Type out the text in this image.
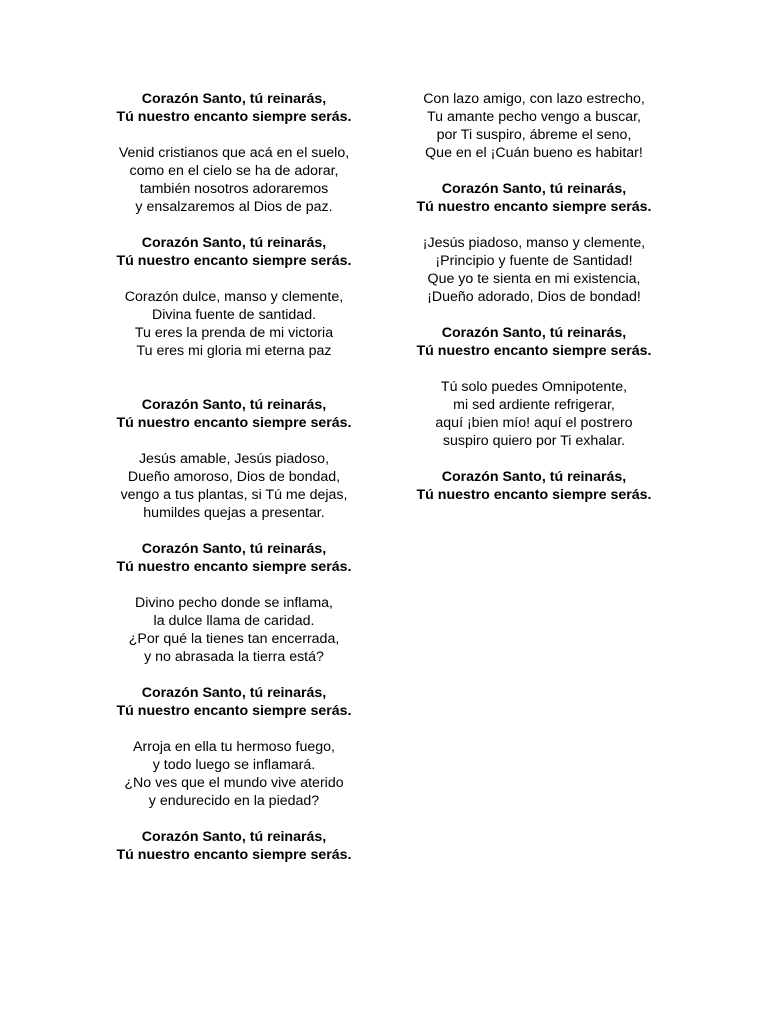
Corazón Santo, tú reinarás,
Tú nuestro encanto siempre serás.
Venid cristianos que acá en el suelo,
como en el cielo se ha de adorar,
también nosotros adoraremos
y ensalzaremos al Dios de paz.
Corazón Santo, tú reinarás,
Tú nuestro encanto siempre serás.
Corazón dulce, manso y clemente,
Divina fuente de santidad.
Tu eres la prenda de mi victoria
Tu eres mi gloria mi eterna paz
Corazón Santo, tú reinarás,
Tú nuestro encanto siempre serás.
Jesús amable, Jesús piadoso,
Dueño amoroso, Dios de bondad,
vengo a tus plantas, si Tú me dejas,
humildes quejas a presentar.
Corazón Santo, tú reinarás,
Tú nuestro encanto siempre serás.
Divino pecho donde se inflama,
la dulce llama de caridad.
¿Por qué la tienes tan encerrada,
y no abrasada la tierra está?
Corazón Santo, tú reinarás,
Tú nuestro encanto siempre serás.
Arroja en ella tu hermoso fuego,
y todo luego se inflamará.
¿No ves que el mundo vive aterido
y endurecido en la piedad?
Corazón Santo, tú reinarás,
Tú nuestro encanto siempre serás.
Con lazo amigo, con lazo estrecho,
Tu amante pecho vengo a buscar,
por Ti suspiro, ábreme el seno,
Que en el ¡Cuán bueno es habitar!
Corazón Santo, tú reinarás,
Tú nuestro encanto siempre serás.
¡Jesús piadoso, manso y clemente,
¡Principio y fuente de Santidad!
Que yo te sienta en mi existencia,
¡Dueño adorado, Dios de bondad!
Corazón Santo, tú reinarás,
Tú nuestro encanto siempre serás.
Tú solo puedes Omnipotente,
mi sed ardiente refrigerar,
aquí ¡bien mío! aquí el postrero
suspiro quiero por Ti exhalar.
Corazón Santo, tú reinarás,
Tú nuestro encanto siempre serás.
